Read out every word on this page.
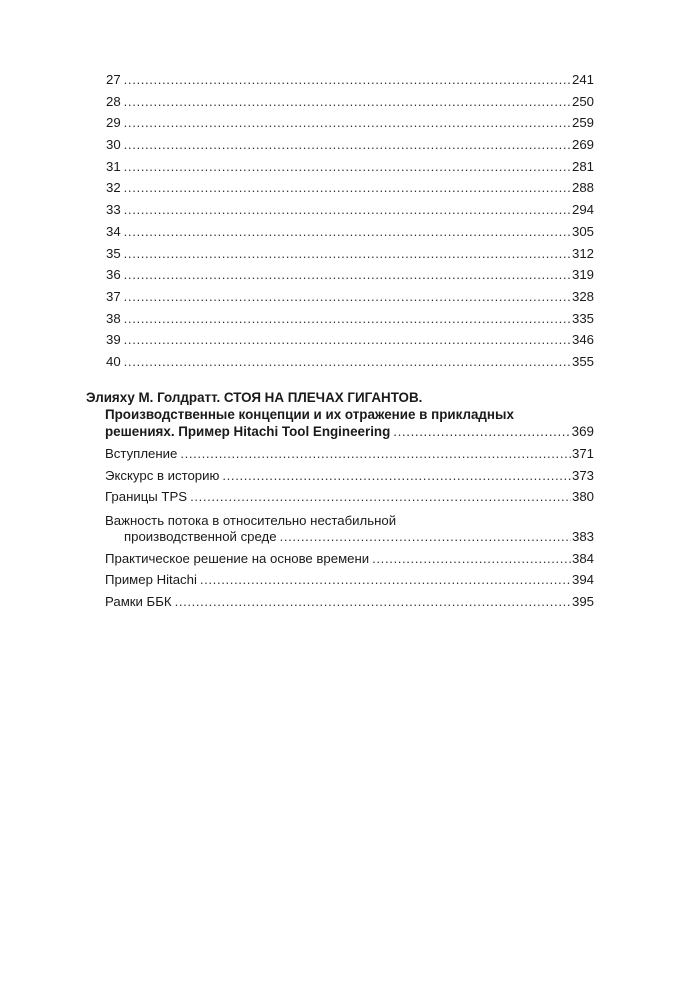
27 .....	241
28 .....	250
29 .....	259
30 .....	269
31 .....	281
32 .....	288
33 .....	294
34 .....	305
35 .....	312
36 .....	319
37 .....	328
38 .....	335
39 .....	346
40 .....	355
Элияху М. Голдратт. СТОЯ НА ПЛЕЧАХ ГИГАНТОВ.
Производственные концепции и их отражение в прикладных
решениях. Пример Hitachi Tool Engineering .....	369
Вступление .....	371
Экскурс в историю .....	373
Границы TPS .....	380
Важность потока в относительно нестабильной
производственной среде .....	383
Практическое решение на основе времени .....	384
Пример Hitachi .....	394
Рамки ББК .....	395
